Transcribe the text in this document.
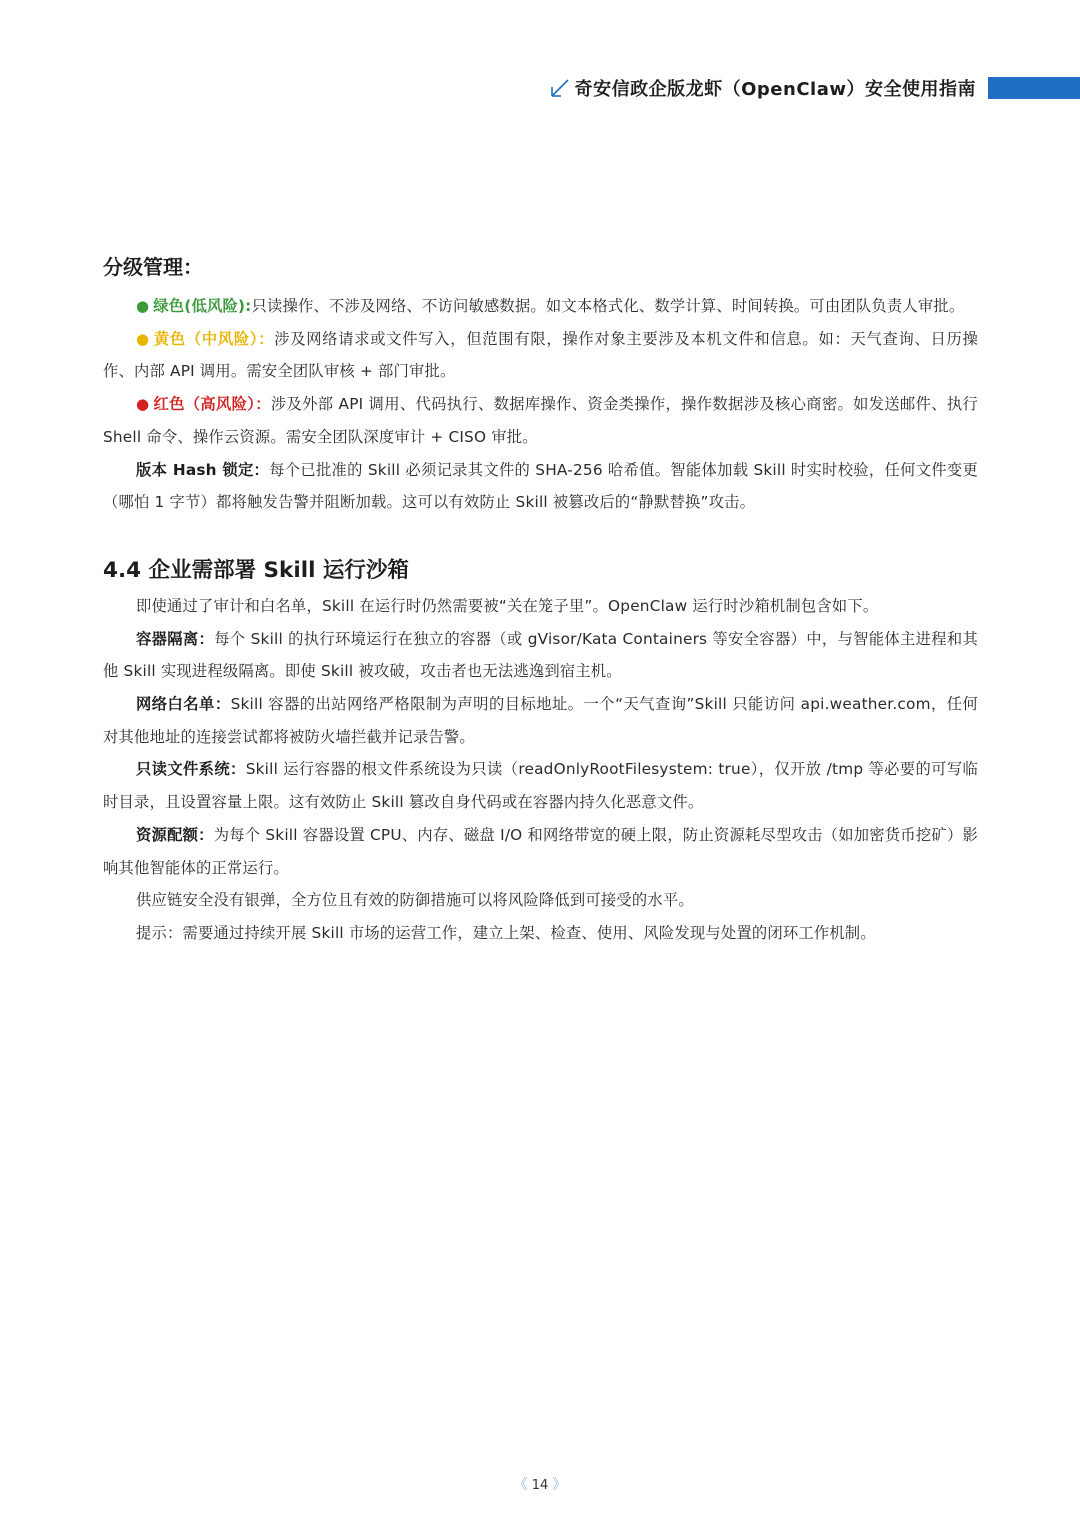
奇安信政企版龙虾（OpenClaw）安全使用指南
分级管理：

● 绿色(低风险):只读操作、不涉及网络、不访问敏感数据。如文本格式化、数学计算、时间转换。可由团队负责人审批。

● 黄色（中风险）：涉及网络请求或文件写入，但范围有限，操作对象主要涉及本机文件和信息。如：天气查询、日历操作、内部 API 调用。需安全团队审核 + 部门审批。

● 红色（高风险）：涉及外部 API 调用、代码执行、数据库操作、资金类操作，操作数据涉及核心商密。如发送邮件、执行 Shell 命令、操作云资源。需安全团队深度审计 + CISO 审批。

版本 Hash 锁定：每个已批准的 Skill 必须记录其文件的 SHA-256 哈希值。智能体加载 Skill 时实时校验，任何文件变更（哪怕 1 字节）都将触发告警并阻断加载。这可以有效防止 Skill 被篡改后的“静默替换”攻击。

4.4 企业需部署 Skill 运行沙箱

即使通过了审计和白名单，Skill 在运行时仍然需要被“关在笼子里”。OpenClaw 运行时沙箱机制包含如下。

容器隔离：每个 Skill 的执行环境运行在独立的容器（或 gVisor/Kata Containers 等安全容器）中，与智能体主进程和其他 Skill 实现进程级隔离。即使 Skill 被攻破，攻击者也无法逃逸到宿主机。

网络白名单：Skill 容器的出站网络严格限制为声明的目标地址。一个“天气查询”Skill 只能访问 api.weather.com，任何对其他地址的连接尝试都将被防火墙拦截并记录告警。

只读文件系统：Skill 运行容器的根文件系统设为只读（readOnlyRootFilesystem: true），仅开放 /tmp 等必要的可写临时目录，且设置容量上限。这有效防止 Skill 篡改自身代码或在容器内持久化恶意文件。

资源配额：为每个 Skill 容器设置 CPU、内存、磁盘 I/O 和网络带宽的硬上限，防止资源耗尽型攻击（如加密货币挖矿）影响其他智能体的正常运行。

供应链安全没有银弹，全方位且有效的防御措施可以将风险降低到可接受的水平。

提示：需要通过持续开展 Skill 市场的运营工作，建立上架、检查、使用、风险发现与处置的闭环工作机制。

《 14 》
